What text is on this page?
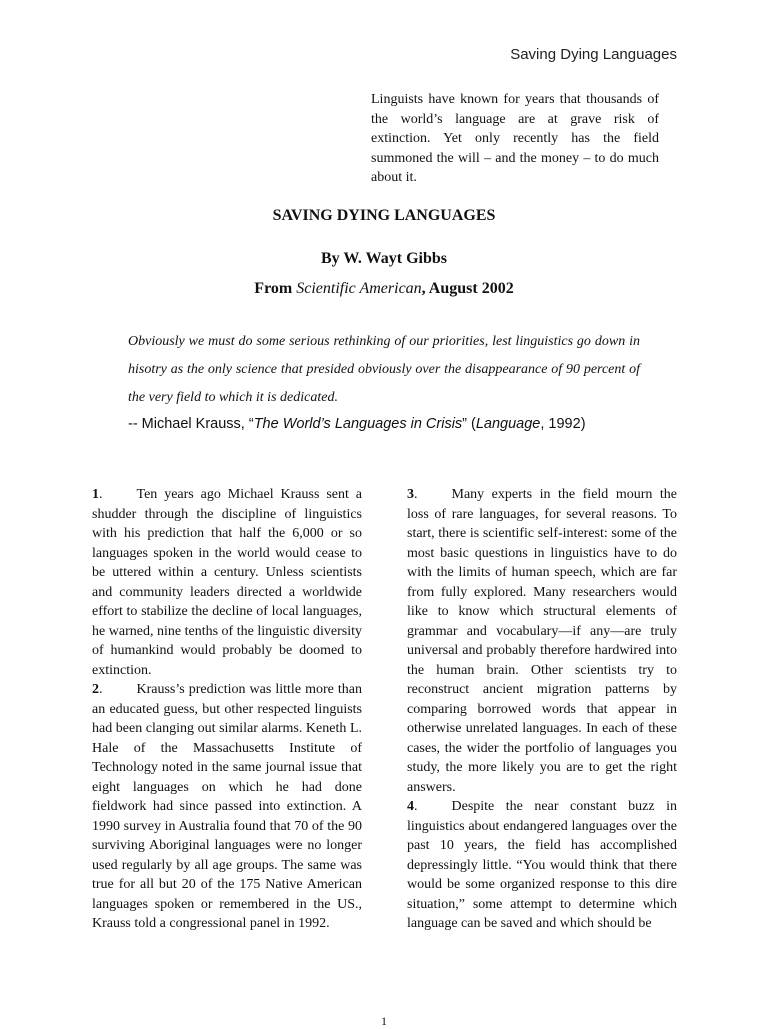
Saving Dying Languages
Linguists have known for years that thousands of the world’s language are at grave risk of extinction. Yet only recently has the field summoned the will – and the money – to do much about it.
SAVING DYING LANGUAGES
By W. Wayt Gibbs
From Scientific American, August 2002
Obviously we must do some serious rethinking of our priorities, lest linguistics go down in hisotry as the only science that presided obviously over the disappearance of 90 percent of the very field to which it is dedicated.
-- Michael Krauss, “The World’s Languages in Crisis” (Language, 1992)

1. Ten years ago Michael Krauss sent a shudder through the discipline of linguistics with his prediction that half the 6,000 or so languages spoken in the world would cease to be uttered within a century. Unless scientists and community leaders directed a worldwide effort to stabilize the decline of local languages, he warned, nine tenths of the linguistic diversity of humankind would probably be doomed to extinction.

2. Krauss’s prediction was little more than an educated guess, but other respected linguists had been clanging out similar alarms. Keneth L. Hale of the Massachusetts Institute of Technology noted in the same journal issue that eight languages on which he had done fieldwork had since passed into extinction. A 1990 survey in Australia found that 70 of the 90 surviving Aboriginal languages were no longer used regularly by all age groups. The same was true for all but 20 of the 175 Native American languages spoken or remembered in the US., Krauss told a congressional panel in 1992.

3. Many experts in the field mourn the loss of rare languages, for several reasons. To start, there is scientific self-interest: some of the most basic questions in linguistics have to do with the limits of human speech, which are far from fully explored. Many researchers would like to know which structural elements of grammar and vocabulary—if any—are truly universal and probably therefore hardwired into the human brain. Other scientists try to reconstruct ancient migration patterns by comparing borrowed words that appear in otherwise unrelated languages. In each of these cases, the wider the portfolio of languages you study, the more likely you are to get the right answers.

4. Despite the near constant buzz in linguistics about endangered languages over the past 10 years, the field has accomplished depressingly little. “You would think that there would be some organized response to this dire situation,” some attempt to determine which language can be saved and which should be

1
